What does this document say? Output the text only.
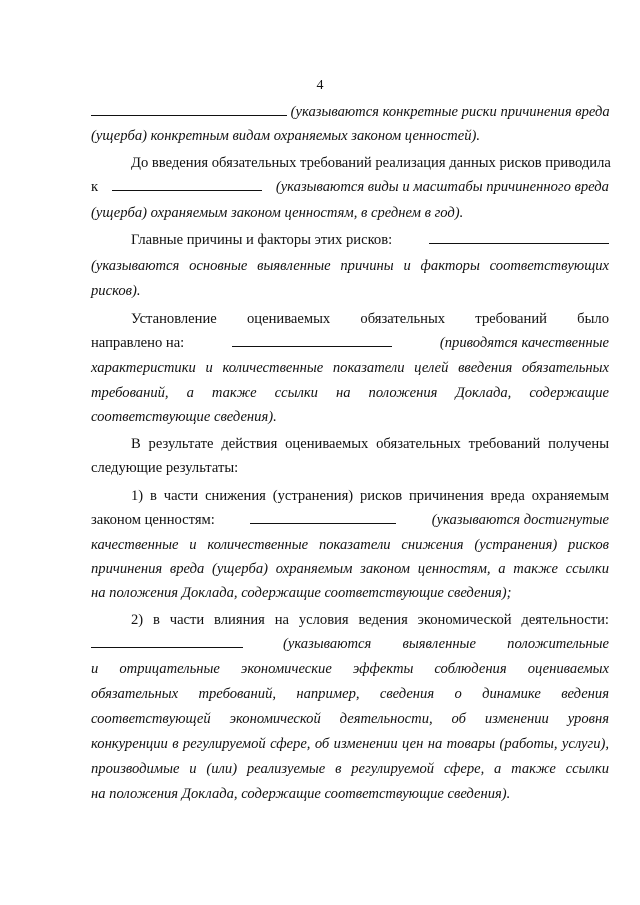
4
(указываются конкретные риски причинения вреда
(ущерба) конкретным видам охраняемых законом ценностей).
До введения обязательных требований реализация данных рисков приводила
к	(указываются виды и масштабы причиненного вреда
(ущерба) охраняемым законом ценностям, в среднем в год).
Главные причины и факторы этих рисков:
(указываются основные выявленные причины и факторы соответствующих
рисков).
Установление оцениваемых обязательных требований было
направлено на:	(приводятся качественные
характеристики и количественные показатели целей введения обязательных
требований, а также ссылки на положения Доклада, содержащие
соответствующие сведения).
В результате действия оцениваемых обязательных требований получены
следующие результаты:
1) в части снижения (устранения) рисков причинения вреда охраняемым
законом ценностям:	(указываются достигнутые
качественные и количественные показатели снижения (устранения) рисков
причинения вреда (ущерба) охраняемым законом ценностям, а также ссылки
на положения Доклада, содержащие соответствующие сведения);
2) в части влияния на условия ведения экономической деятельности:
(указываются выявленные положительные
и отрицательные экономические эффекты соблюдения оцениваемых
обязательных требований, например, сведения о динамике ведения
соответствующей экономической деятельности, об изменении уровня
конкуренции в регулируемой сфере, об изменении цен на товары (работы, услуги),
производимые и (или) реализуемые в регулируемой сфере, а также ссылки
на положения Доклада, содержащие соответствующие сведения).
